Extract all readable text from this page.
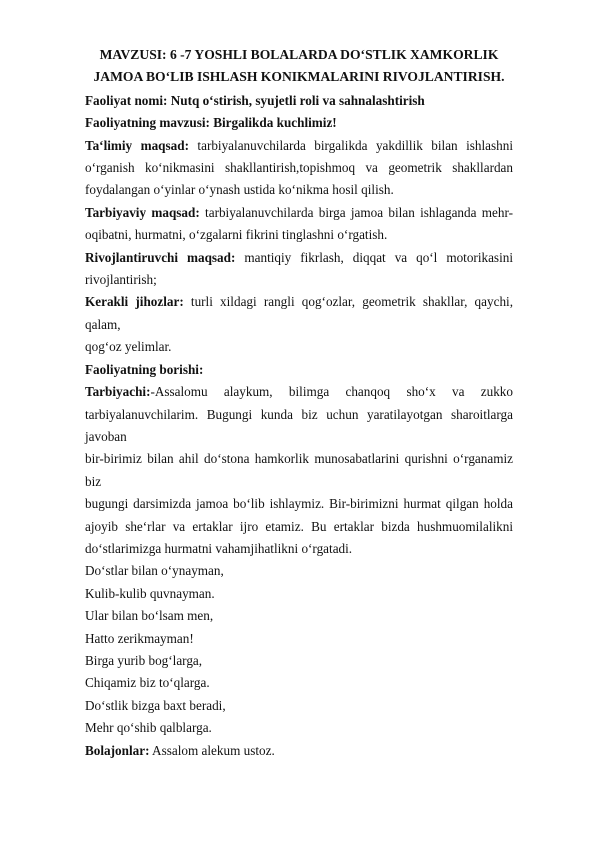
MAVZUSI: 6 -7 YOSHLI BOLALARDA DO‘STLIK XAMKORLIK
JAMOA BO‘LIB ISHLASH KONIKMALARINI RIVOJLANTIRISH.

Faoliyat nomi: Nutq o‘stirish, syujetli roli va sahnalashtirish

Faoliyatning mavzusi: Birgalikda kuchlimiz!

Ta‘limiy maqsad: tarbiyalanuvchilarda birgalikda yakdillik bilan ishlashni
o‘rganish ko‘nikmasini shakllantirish,topishmoq va geometrik shakllardan
foydalangan o‘yinlar o‘ynash ustida ko‘nikma hosil qilish.

Tarbiyaviy maqsad: tarbiyalanuvchilarda birga jamoa bilan ishlaganda mehr-
oqibatni, hurmatni, o‘zgalarni fikrini tinglashni o‘rgatish.

Rivojlantiruvchi maqsad: mantiqiy fikrlash, diqqat va qo‘l motorikasini
rivojlantirish;

Kerakli jihozlar: turli xildagi rangli qog‘ozlar, geometrik shakllar, qaychi, qalam,
qog‘oz yelimlar.

Faoliyatning borishi:

Tarbiyachi:-Assalomu alaykum, bilimga chanqoq sho‘x va zukko
tarbiyalanuvchilarim. Bugungi kunda biz uchun yaratilayotgan sharoitlarga javoban
bir-birimiz bilan ahil do‘stona hamkorlik munosabatlarini qurishni o‘rganamiz biz
bugungi darsimizda jamoa bo‘lib ishlaymiz. Bir-birimizni hurmat qilgan holda
ajoyib she‘rlar va ertaklar ijro etamiz. Bu ertaklar bizda hushmuomilalikni
do‘stlarimizga hurmatni vahamjihatlikni o‘rgatadi.

Do‘stlar bilan o‘ynayman,
Kulib-kulib quvnayman.
Ular bilan bo‘lsam men,
Hatto zerikmayman!
Birga yurib bog‘larga,
Chiqamiz biz to‘qlarga.
Do‘stlik bizga baxt beradi,
Mehr qo‘shib qalblarga.

Bolajonlar: Assalom alekum ustoz.
